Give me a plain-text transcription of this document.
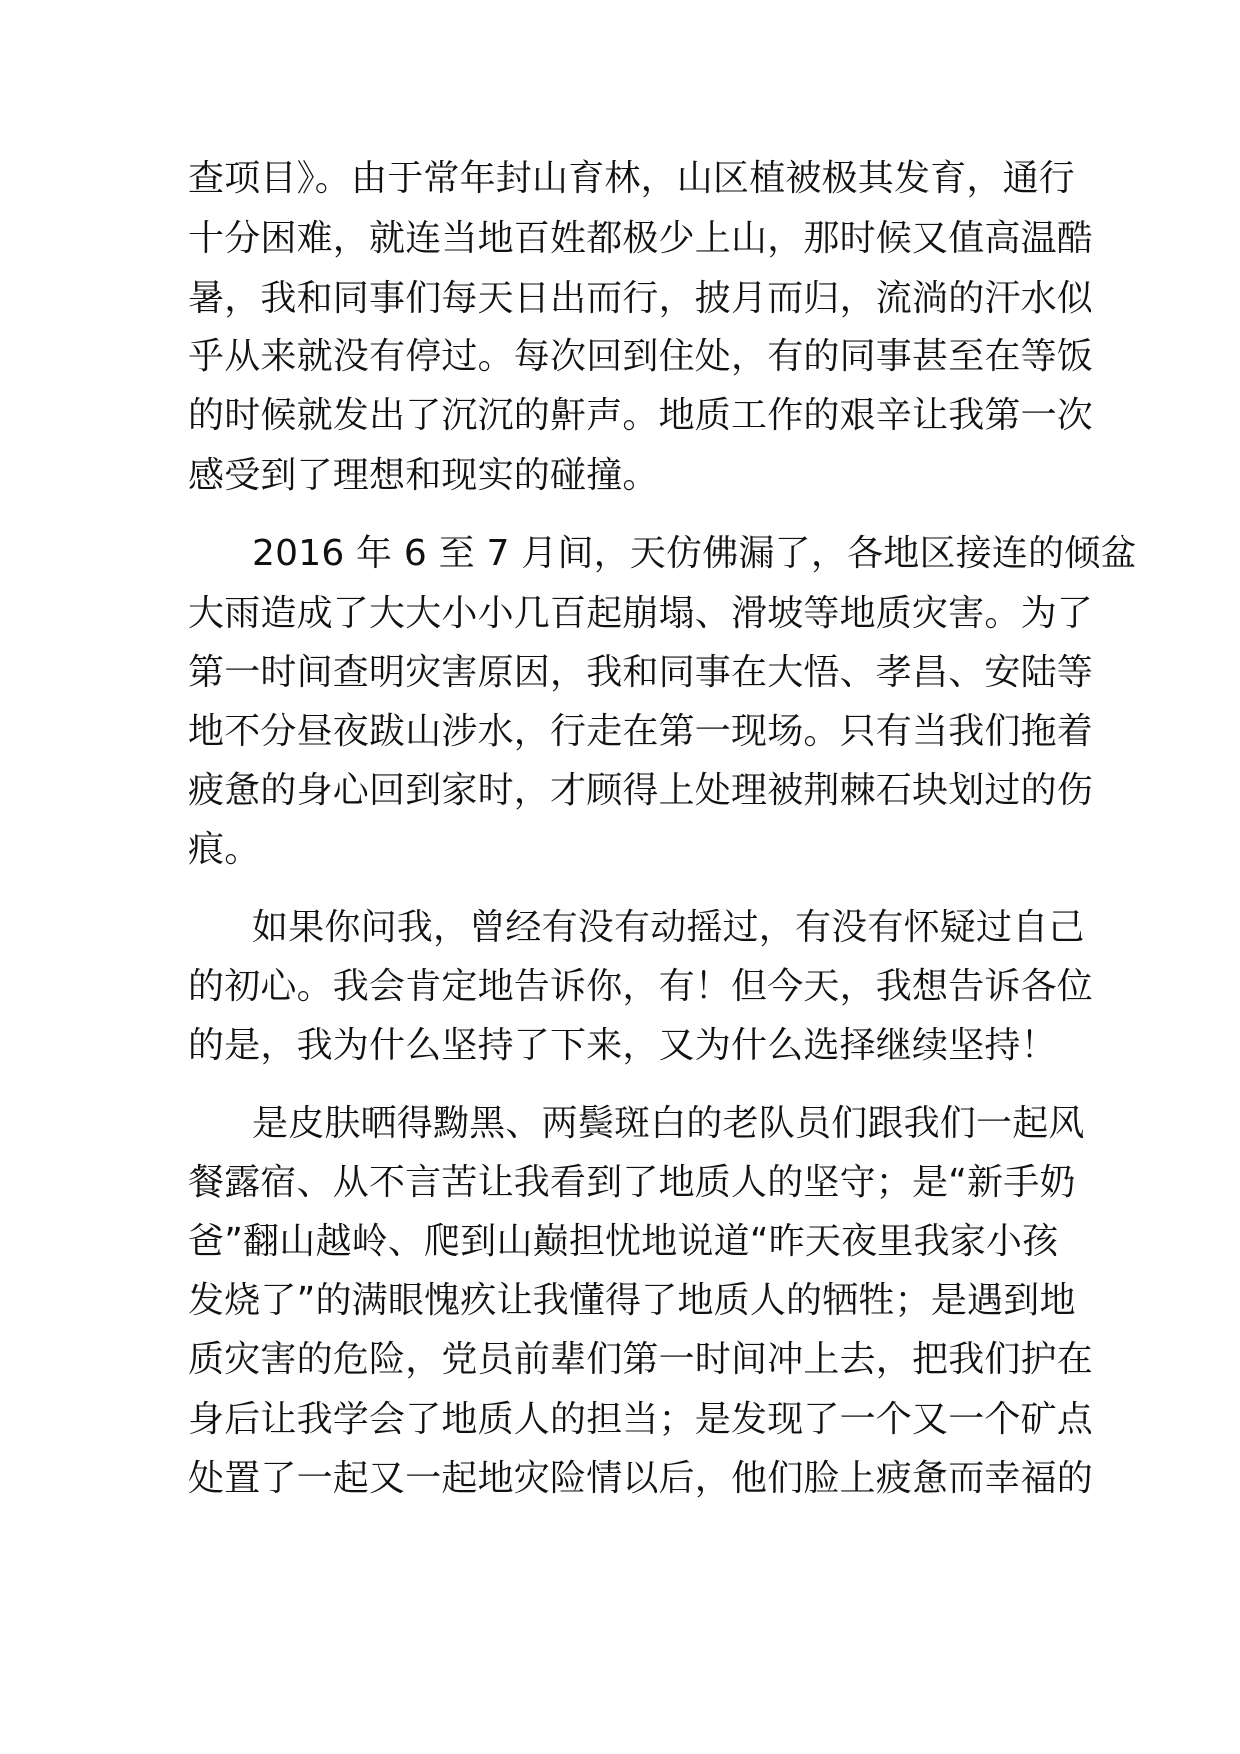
查项目》。由于常年封山育林，山区植被极其发育，通行
十分困难，就连当地百姓都极少上山，那时候又值高温酷
暑，我和同事们每天日出而行，披月而归，流淌的汗水似
乎从来就没有停过。每次回到住处，有的同事甚至在等饭
的时候就发出了沉沉的鼾声。地质工作的艰辛让我第一次
感受到了理想和现实的碰撞。
2016 年 6 至 7 月间，天仿佛漏了，各地区接连的倾盆
大雨造成了大大小小几百起崩塌、滑坡等地质灾害。为了
第一时间查明灾害原因，我和同事在大悟、孝昌、安陆等
地不分昼夜跋山涉水，行走在第一现场。只有当我们拖着
疲惫的身心回到家时，才顾得上处理被荆棘石块划过的伤
痕。
如果你问我，曾经有没有动摇过，有没有怀疑过自己
的初心。我会肯定地告诉你，有！但今天，我想告诉各位
的是，我为什么坚持了下来，又为什么选择继续坚持！
是皮肤晒得黝黑、两鬓斑白的老队员们跟我们一起风
餐露宿、从不言苦让我看到了地质人的坚守；是“新手奶
爸”翻山越岭、爬到山巅担忧地说道“昨天夜里我家小孩
发烧了”的满眼愧疚让我懂得了地质人的牺牲；是遇到地
质灾害的危险，党员前辈们第一时间冲上去，把我们护在
身后让我学会了地质人的担当；是发现了一个又一个矿点
处置了一起又一起地灾险情以后，他们脸上疲惫而幸福的
